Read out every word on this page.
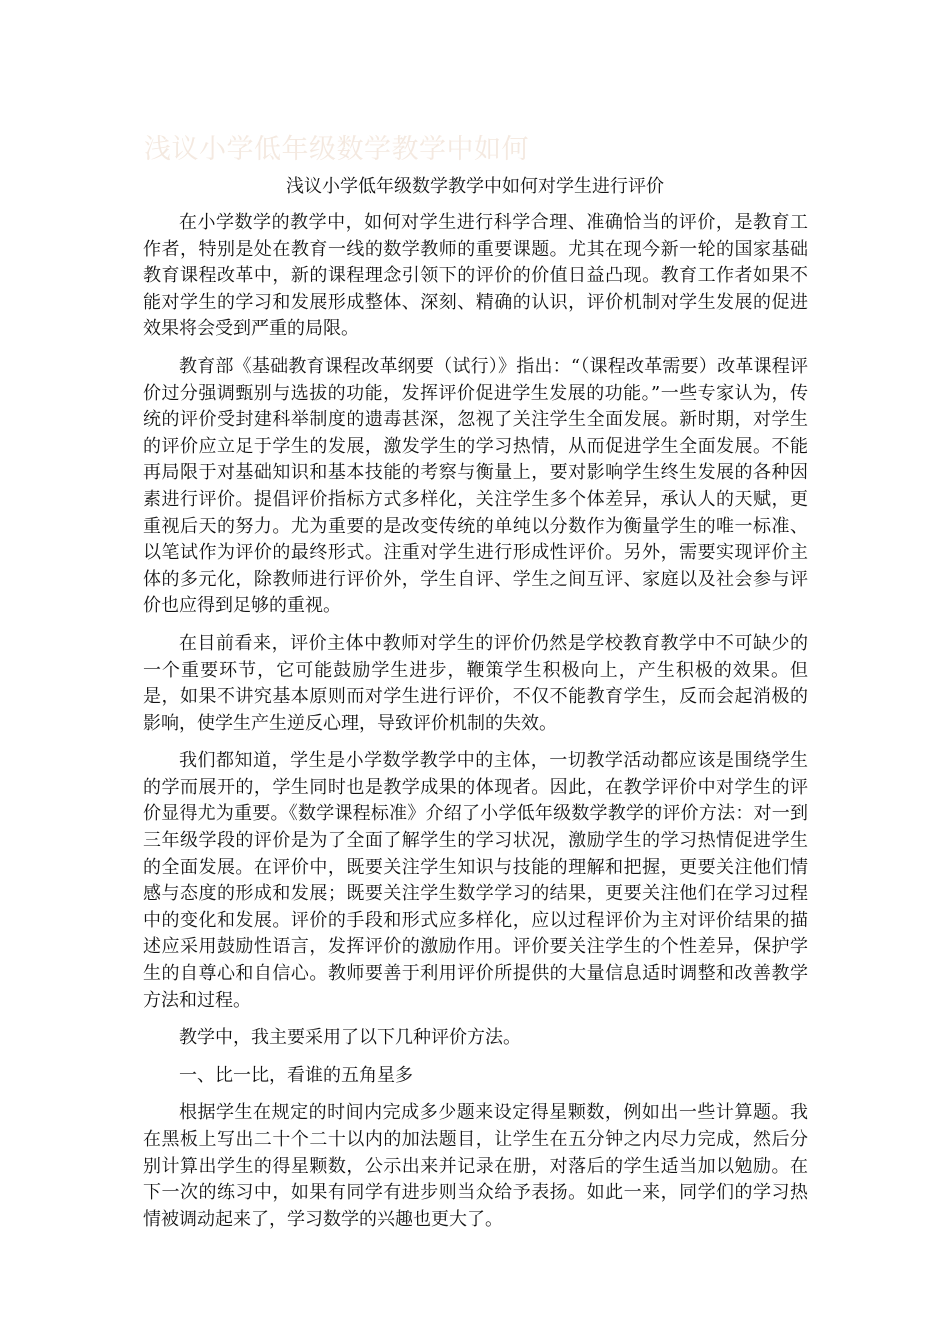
浅议小学低年级数学教学中如何
浅议小学低年级数学教学中如何对学生进行评价

在小学数学的教学中，如何对学生进行科学合理、准确恰当的评价，是教育工作者，特别是处在教育一线的数学教师的重要课题。尤其在现今新一轮的国家基础教育课程改革中，新的课程理念引领下的评价的价值日益凸现。教育工作者如果不能对学生的学习和发展形成整体、深刻、精确的认识，评价机制对学生发展的促进效果将会受到严重的局限。

教育部《基础教育课程改革纲要（试行）》指出：“（课程改革需要）改革课程评价过分强调甄别与选拔的功能，发挥评价促进学生发展的功能。”一些专家认为，传统的评价受封建科举制度的遗毒甚深，忽视了关注学生全面发展。新时期，对学生的评价应立足于学生的发展，激发学生的学习热情，从而促进学生全面发展。不能再局限于对基础知识和基本技能的考察与衡量上，要对影响学生终生发展的各种因素进行评价。提倡评价指标方式多样化，关注学生多个体差异，承认人的天赋，更重视后天的努力。尤为重要的是改变传统的单纯以分数作为衡量学生的唯一标准、以笔试作为评价的最终形式。注重对学生进行形成性评价。另外，需要实现评价主体的多元化，除教师进行评价外，学生自评、学生之间互评、家庭以及社会参与评价也应得到足够的重视。

在目前看来，评价主体中教师对学生的评价仍然是学校教育教学中不可缺少的一个重要环节，它可能鼓励学生进步，鞭策学生积极向上，产生积极的效果。但是，如果不讲究基本原则而对学生进行评价，不仅不能教育学生，反而会起消极的影响，使学生产生逆反心理，导致评价机制的失效。

我们都知道，学生是小学数学教学中的主体，一切教学活动都应该是围绕学生的学而展开的，学生同时也是教学成果的体现者。因此，在教学评价中对学生的评价显得尤为重要。《数学课程标准》介绍了小学低年级数学教学的评价方法：对一到三年级学段的评价是为了全面了解学生的学习状况，激励学生的学习热情促进学生的全面发展。在评价中，既要关注学生知识与技能的理解和把握，更要关注他们情感与态度的形成和发展；既要关注学生数学学习的结果，更要关注他们在学习过程中的变化和发展。评价的手段和形式应多样化，应以过程评价为主对评价结果的描述应采用鼓励性语言，发挥评价的激励作用。评价要关注学生的个性差异，保护学生的自尊心和自信心。教师要善于利用评价所提供的大量信息适时调整和改善教学方法和过程。

教学中，我主要采用了以下几种评价方法。

一、比一比，看谁的五角星多

根据学生在规定的时间内完成多少题来设定得星颗数，例如出一些计算题。我在黑板上写出二十个二十以内的加法题目，让学生在五分钟之内尽力完成，然后分别计算出学生的得星颗数，公示出来并记录在册，对落后的学生适当加以勉励。在下一次的练习中，如果有同学有进步则当众给予表扬。如此一来，同学们的学习热情被调动起来了，学习数学的兴趣也更大了。
